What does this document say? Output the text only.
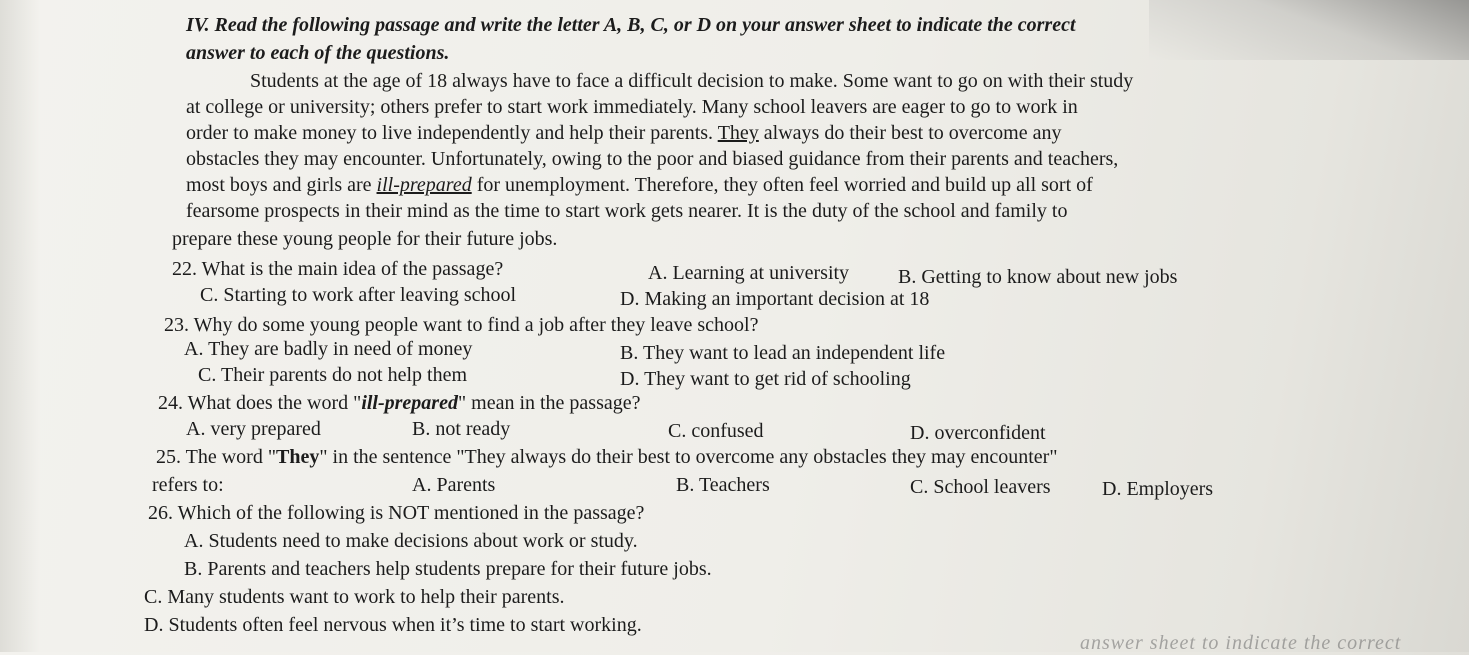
IV. Read the following passage and write the letter A, B, C, or D on your answer sheet to indicate the correct
answer to each of the questions.
Students at the age of 18 always have to face a difficult decision to make. Some want to go on with their study
at college or university; others prefer to start work immediately. Many school leavers are eager to go to work in
order to make money to live independently and help their parents. They always do their best to overcome any
obstacles they may encounter. Unfortunately, owing to the poor and biased guidance from their parents and teachers,
most boys and girls are ill-prepared for unemployment. Therefore, they often feel worried and build up all sort of
fearsome prospects in their mind as the time to start work gets nearer. It is the duty of the school and family to
prepare these young people for their future jobs.
22. What is the main idea of the passage?	A. Learning at university B. Getting to know about new jobs
C. Starting to work after leaving school	D. Making an important decision at 18
23. Why do some young people want to find a job after they leave school?
A. They are badly in need of money	B. They want to lead an independent life
C. Their parents do not help them	D. They want to get rid of schooling
24. What does the word "ill-prepared" mean in the passage?
A. very prepared	B. not ready	C. confused	D. overconfident
25. The word "They" in the sentence "They always do their best to overcome any obstacles they may encounter"
refers to:	A. Parents	B. Teachers	C. School leavers	D. Employers
26. Which of the following is NOT mentioned in the passage?
A. Students need to make decisions about work or study.
B. Parents and teachers help students prepare for their future jobs.
C. Many students want to work to help their parents.
D. Students often feel nervous when it’s time to start working.
answer sheet to indicate the correct
